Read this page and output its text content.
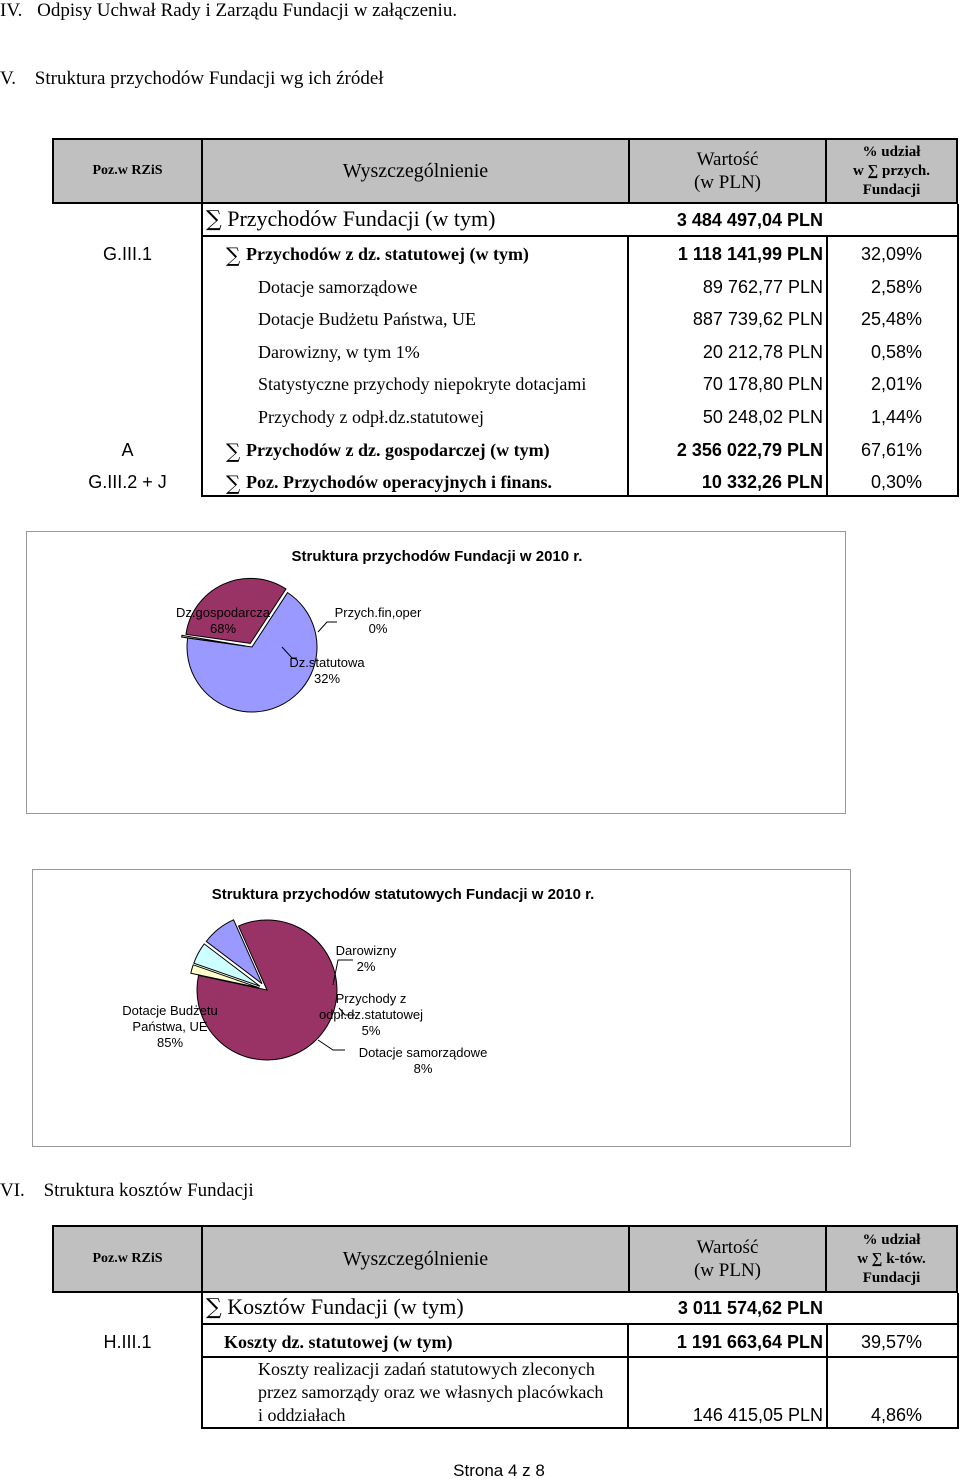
IV. Odpisy Uchwał Rady i Zarządu Fundacji w załączeniu.
V. Struktura przychodów Fundacji wg ich źródeł
Poz.w RZiS	Wyszczególnienie	Wartość
(w PLN)
% udział
w ∑ przych.
Fundacji
∑ Przychodów Fundacji (w tym)	3 484 497,04 PLN
G.III.1	∑ Przychodów z dz. statutowej (w tym)	1 118 141,99 PLN	32,09%
Dotacje samorządowe	89 762,77 PLN	2,58%
Dotacje Budżetu Państwa, UE	887 739,62 PLN	25,48%
Darowizny, w tym 1%	20 212,78 PLN	0,58%
Statystyczne przychody niepokryte dotacjami	70 178,80 PLN	2,01%
Przychody z odpł.dz.statutowej	50 248,02 PLN	1,44%
A	∑ Przychodów z dz. gospodarczej (w tym)	2 356 022,79 PLN	67,61%
G.III.2 + J	∑ Poz. Przychodów operacyjnych i finans.	10 332,26 PLN	0,30%
Struktura przychodów Fundacji w 2010 r.
Dz.gospodarcza
68%
Przych.fin,oper
0%
Dz.statutowa
32%
Struktura przychodów statutowych Fundacji w 2010 r.
Darowizny
2%
Przychody z
odpł.dz.statutowej
5%
Dotacje samorządowe
8%
Dotacje Budżetu
Państwa, UE
85%
VI. Struktura kosztów Fundacji
Poz.w RZiS	Wyszczególnienie	Wartość
(w PLN)
% udział
w ∑ k-tów.
Fundacji
∑ Kosztów Fundacji (w tym)	3 011 574,62 PLN
H.III.1	Koszty dz. statutowej (w tym)	1 191 663,64 PLN	39,57%
Koszty realizacji zadań statutowych zleconych
przez samorządy oraz we własnych placówkach
i oddziałach	146 415,05 PLN	4,86%
Strona 4 z 8
